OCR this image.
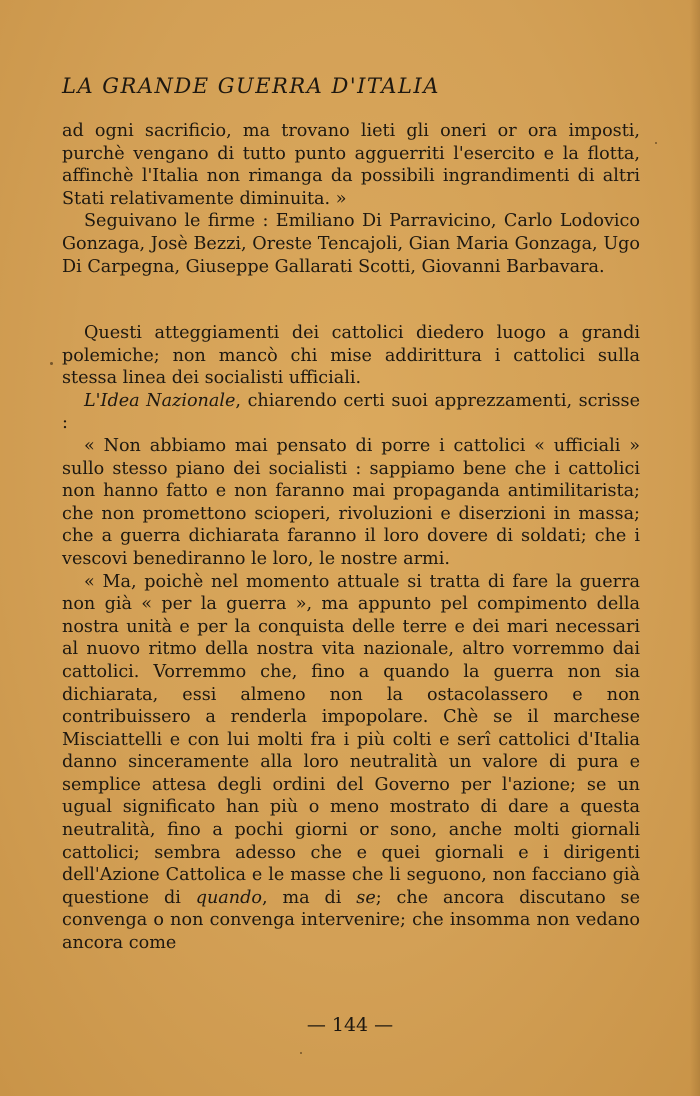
LA GRANDE GUERRA D'ITALIA

ad ogni sacrificio, ma trovano lieti gli oneri or ora imposti, purchè vengano di tutto punto agguerriti l'esercito e la flotta, affinchè l'Italia non rimanga da possibili ingrandimenti di altri Stati relativamente diminuita. »

Seguivano le firme : Emiliano Di Parravicino, Carlo Lodovico Gonzaga, Josè Bezzi, Oreste Tencajoli, Gian Maria Gonzaga, Ugo Di Carpegna, Giuseppe Gallarati Scotti, Giovanni Barbavara.

Questi atteggiamenti dei cattolici diedero luogo a grandi polemiche; non mancò chi mise addirittura i cattolici sulla stessa linea dei socialisti ufficiali.

L'Idea Nazionale, chiarendo certi suoi apprezzamenti, scrisse :

« Non abbiamo mai pensato di porre i cattolici « ufficiali » sullo stesso piano dei socialisti : sappiamo bene che i cattolici non hanno fatto e non faranno mai propaganda antimilitarista; che non promettono scioperi, rivoluzioni e diserzioni in massa; che a guerra dichiarata faranno il loro dovere di soldati; che i vescovi benediranno le loro, le nostre armi.

« Ma, poichè nel momento attuale si tratta di fare la guerra non già « per la guerra », ma appunto pel compimento della nostra unità e per la conquista delle terre e dei mari necessari al nuovo ritmo della nostra vita nazionale, altro vorremmo dai cattolici. Vorremmo che, fino a quando la guerra non sia dichiarata, essi almeno non la ostacolassero e non contribuissero a renderla impopolare. Chè se il marchese Misciattelli e con lui molti fra i più colti e serî cattolici d'Italia danno sinceramente alla loro neutralità un valore di pura e semplice attesa degli ordini del Governo per l'azione; se un ugual significato han più o meno mostrato di dare a questa neutralità, fino a pochi giorni or sono, anche molti giornali cattolici; sembra adesso che e quei giornali e i dirigenti dell'Azione Cattolica e le masse che li seguono, non facciano già questione di quando, ma di se; che ancora discutano se convenga o non convenga intervenire; che insomma non vedano ancora come

— 144 —
